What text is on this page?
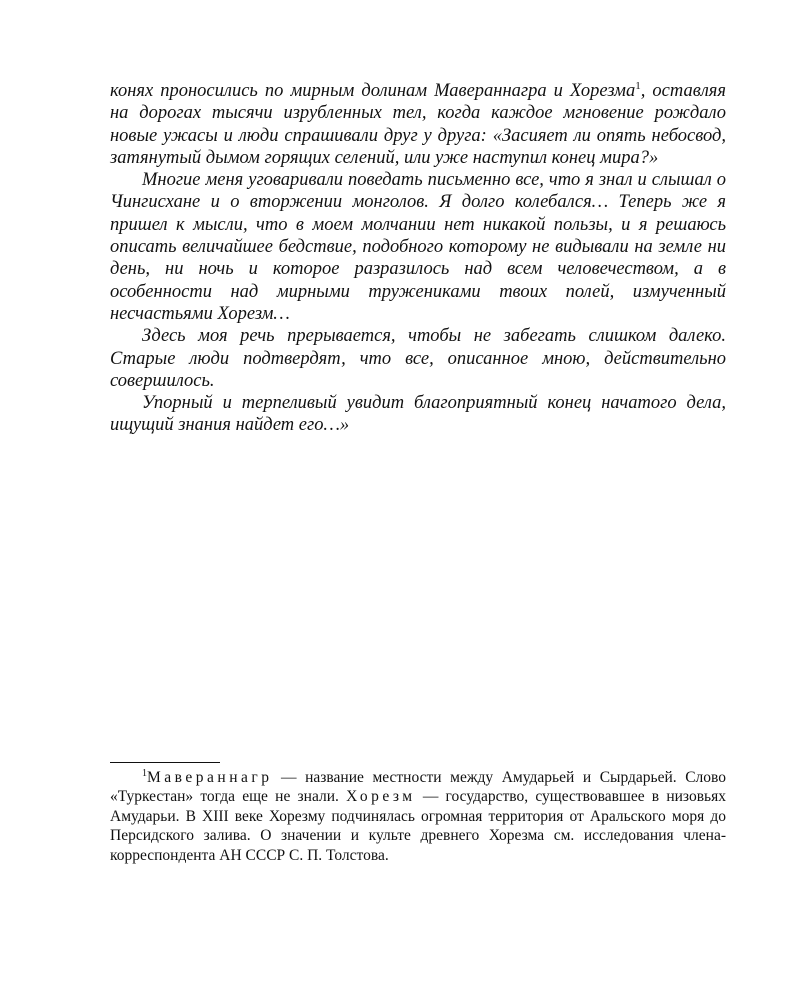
конях проносились по мирным долинам Мавераннагра и Хорезма$^1$, оставляя на дорогах тысячи изрубленных тел, когда каждое мгновение рождало новые ужасы и люди спрашивали друг у друга: «Засияет ли опять небосвод, затянутый дымом горящих селений, или уже наступил конец мира?»

Многие меня уговаривали поведать письменно все, что я знал и слышал о Чингисхане и о вторжении монголов. Я долго колебался… Теперь же я пришел к мысли, что в моем молчании нет никакой пользы, и я решаюсь описать величайшее бедствие, подобного которому не видывали на земле ни день, ни ночь и которое разразилось над всем человечеством, а в особенности над мирными тружениками твоих полей, измученный несчастьями Хорезм…

Здесь моя речь прерывается, чтобы не забегать слишком далеко. Старые люди подтвердят, что все, описанное мною, действительно совершилось.

Упорный и терпеливый увидит благоприятный конец начатого дела, ищущий знания найдет его…»

$^1$Мавераннагр — название местности между Амударьей и Сырдарьей. Слово «Туркестан» тогда еще не знали. Хорезм — государство, существовавшее в низовьях Амударьи. В XIII веке Хорезму подчинялась огромная территория от Аральского моря до Персидского залива. О значении и культе древнего Хорезма см. исследования члена-корреспондента АН СССР С. П. Толстова.
